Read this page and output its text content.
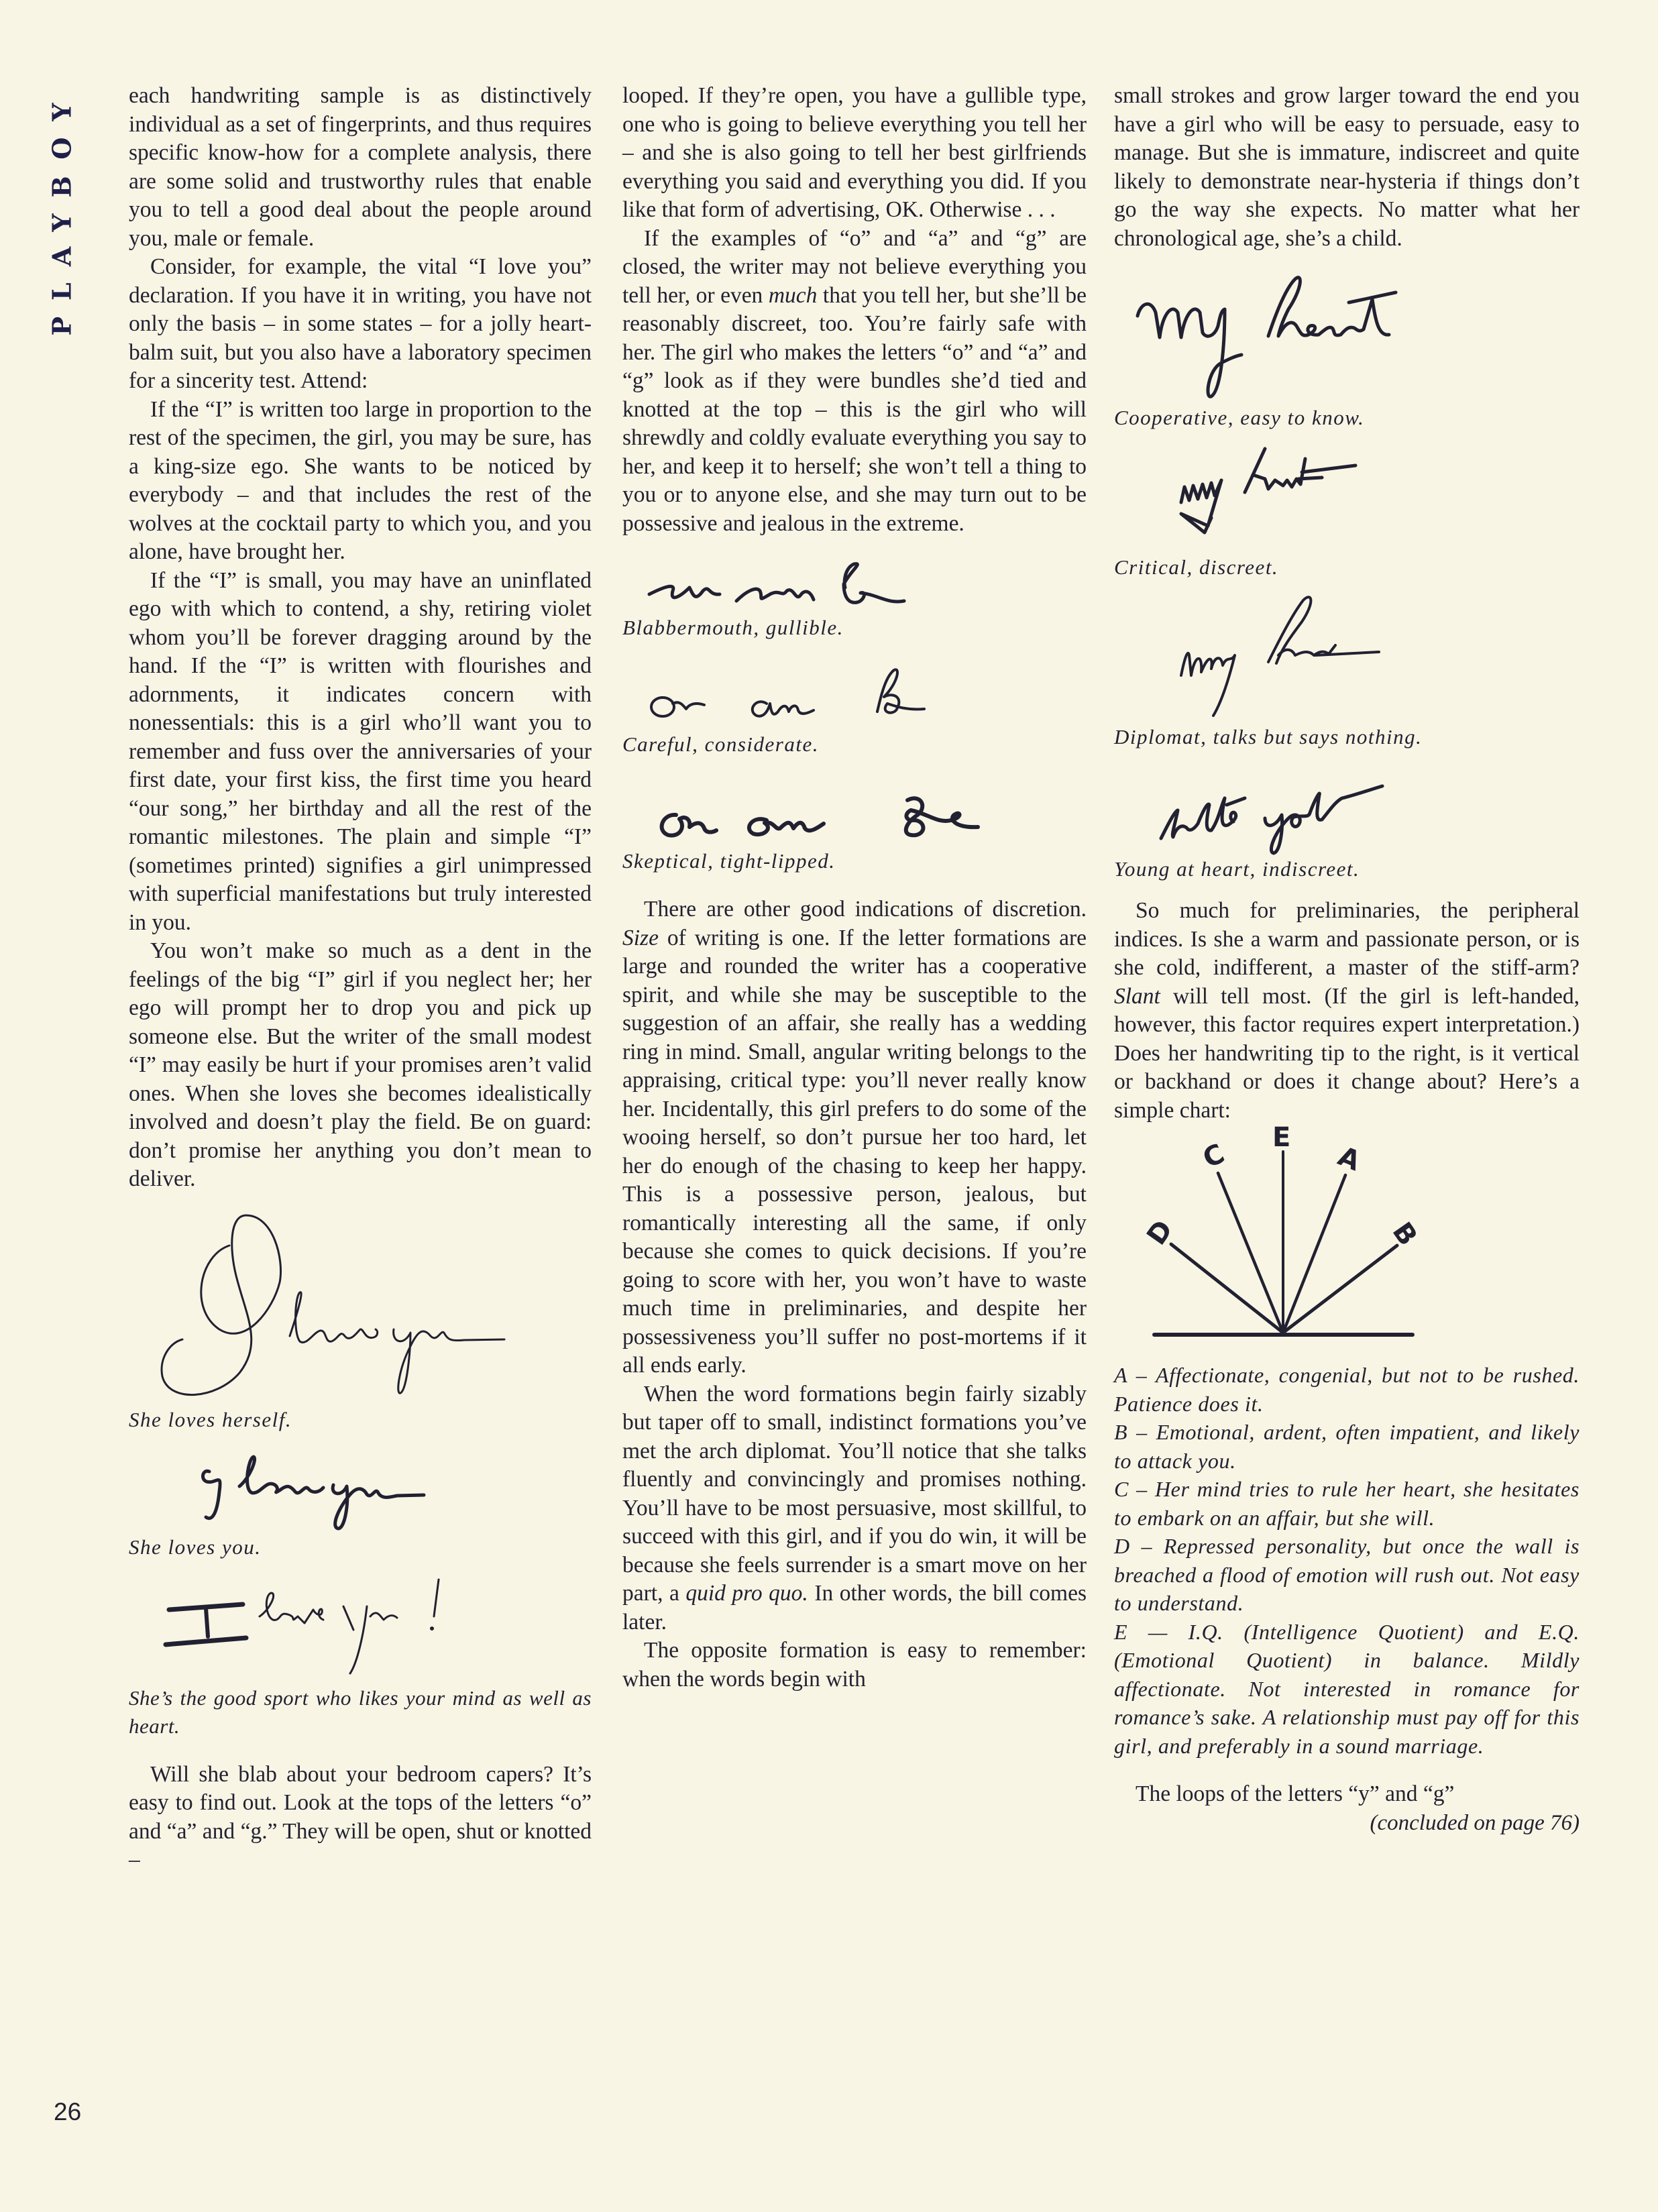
PLAYBOY
26

each handwriting sample is as distinctively individual as a set of fingerprints, and thus requires specific know-how for a complete analysis, there are some solid and trustworthy rules that enable you to tell a good deal about the people around you, male or female.

Consider, for example, the vital “I love you” declaration. If you have it in writing, you have not only the basis – in some states – for a jolly heart-balm suit, but you also have a laboratory specimen for a sincerity test. Attend:

If the “I” is written too large in proportion to the rest of the specimen, the girl, you may be sure, has a king-size ego. She wants to be noticed by everybody – and that includes the rest of the wolves at the cocktail party to which you, and you alone, have brought her.

If the “I” is small, you may have an uninflated ego with which to contend, a shy, retiring violet whom you’ll be forever dragging around by the hand. If the “I” is written with flourishes and adornments, it indicates concern with nonessentials: this is a girl who’ll want you to remember and fuss over the anniversaries of your first date, your first kiss, the first time you heard “our song,” her birthday and all the rest of the romantic milestones. The plain and simple “I” (sometimes printed) signifies a girl unimpressed with superficial manifestations but truly interested in you.

You won’t make so much as a dent in the feelings of the big “I” girl if you neglect her; her ego will prompt her to drop you and pick up someone else. But the writer of the small modest “I” may easily be hurt if your promises aren’t valid ones. When she loves she becomes idealistically involved and doesn’t play the field. Be on guard: don’t promise her anything you don’t mean to deliver.

She loves herself.

She loves you.

She’s the good sport who likes your mind as well as heart.

Will she blab about your bedroom capers? It’s easy to find out. Look at the tops of the letters “o” and “a” and “g.” They will be open, shut or knotted –

looped. If they’re open, you have a gullible type, one who is going to believe everything you tell her – and she is also going to tell her best girlfriends everything you said and everything you did. If you like that form of advertising, OK. Otherwise . . .

If the examples of “o” and “a” and “g” are closed, the writer may not believe everything you tell her, or even much that you tell her, but she’ll be reasonably discreet, too. You’re fairly safe with her. The girl who makes the letters “o” and “a” and “g” look as if they were bundles she’d tied and knotted at the top – this is the girl who will shrewdly and coldly evaluate everything you say to her, and keep it to herself; she won’t tell a thing to you or to anyone else, and she may turn out to be possessive and jealous in the extreme.

Blabbermouth, gullible.

Careful, considerate.

Skeptical, tight-lipped.

There are other good indications of discretion. Size of writing is one. If the letter formations are large and rounded the writer has a cooperative spirit, and while she may be susceptible to the suggestion of an affair, she really has a wedding ring in mind. Small, angular writing belongs to the appraising, critical type: you’ll never really know her. Incidentally, this girl prefers to do some of the wooing herself, so don’t pursue her too hard, let her do enough of the chasing to keep her happy. This is a possessive person, jealous, but romantically interesting all the same, if only because she comes to quick decisions. If you’re going to score with her, you won’t have to waste much time in preliminaries, and despite her possessiveness you’ll suffer no post-mortems if it all ends early.

When the word formations begin fairly sizably but taper off to small, indistinct formations you’ve met the arch diplomat. You’ll notice that she talks fluently and convincingly and promises nothing. You’ll have to be most persuasive, most skillful, to succeed with this girl, and if you do win, it will be because she feels surrender is a smart move on her part, a quid pro quo. In other words, the bill comes later.

The opposite formation is easy to remember: when the words begin with

small strokes and grow larger toward the end you have a girl who will be easy to persuade, easy to manage. But she is immature, indiscreet and quite likely to demonstrate near-hysteria if things don’t go the way she expects. No matter what her chronological age, she’s a child.

Cooperative, easy to know.

Critical, discreet.

Diplomat, talks but says nothing.

Young at heart, indiscreet.

So much for preliminaries, the peripheral indices. Is she a warm and passionate person, or is she cold, indifferent, a master of the stiff-arm? Slant will tell most. (If the girl is left-handed, however, this factor requires expert interpretation.) Does her handwriting tip to the right, is it vertical or backhand or does it change about? Here’s a simple chart:

E
C	A
D	B

A – Affectionate, congenial, but not to be rushed. Patience does it.

B – Emotional, ardent, often impatient, and likely to attack you.

C – Her mind tries to rule her heart, she hesitates to embark on an affair, but she will.

D – Repressed personality, but once the wall is breached a flood of emotion will rush out. Not easy to understand.

E — I.Q. (Intelligence Quotient) and E.Q. (Emotional Quotient) in balance. Mildly affectionate. Not interested in romance for romance’s sake. A relationship must pay off for this girl, and preferably in a sound marriage.

The loops of the letters “y” and “g”

(concluded on page 76)
